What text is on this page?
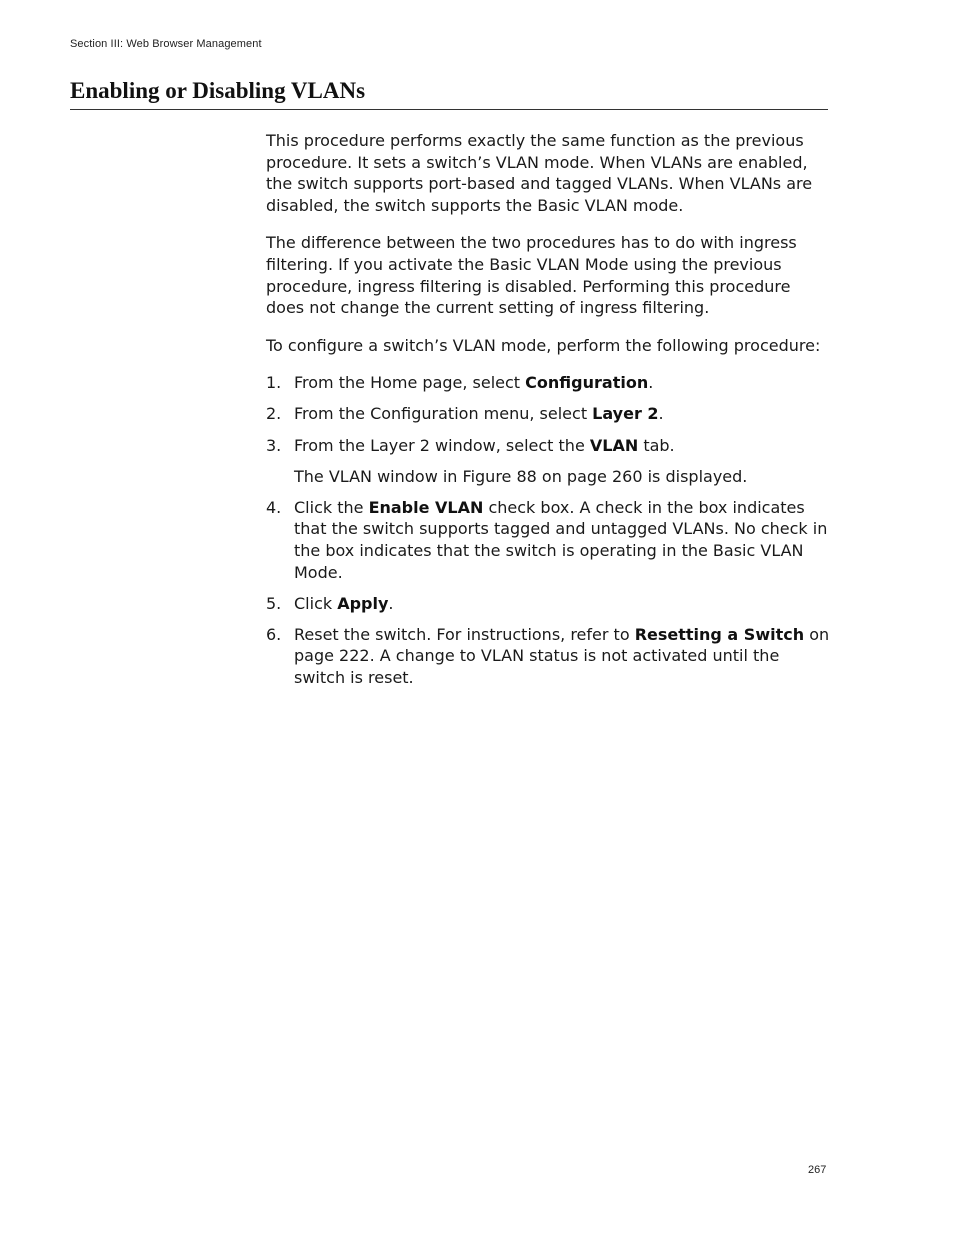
Section III: Web Browser Management
Enabling or Disabling VLANs

This procedure performs exactly the same function as the previous procedure. It sets a switch’s VLAN mode. When VLANs are enabled, the switch supports port-based and tagged VLANs. When VLANs are disabled, the switch supports the Basic VLAN mode.

The difference between the two procedures has to do with ingress filtering. If you activate the Basic VLAN Mode using the previous procedure, ingress filtering is disabled. Performing this procedure does not change the current setting of ingress filtering.

To configure a switch’s VLAN mode, perform the following procedure:

1. From the Home page, select Configuration.
2. From the Configuration menu, select Layer 2.
3. From the Layer 2 window, select the VLAN tab.
The VLAN window in Figure 88 on page 260 is displayed.
4. Click the Enable VLAN check box. A check in the box indicates that the switch supports tagged and untagged VLANs. No check in the box indicates that the switch is operating in the Basic VLAN Mode.
5. Click Apply.
6. Reset the switch. For instructions, refer to Resetting a Switch on page 222. A change to VLAN status is not activated until the switch is reset.
267
